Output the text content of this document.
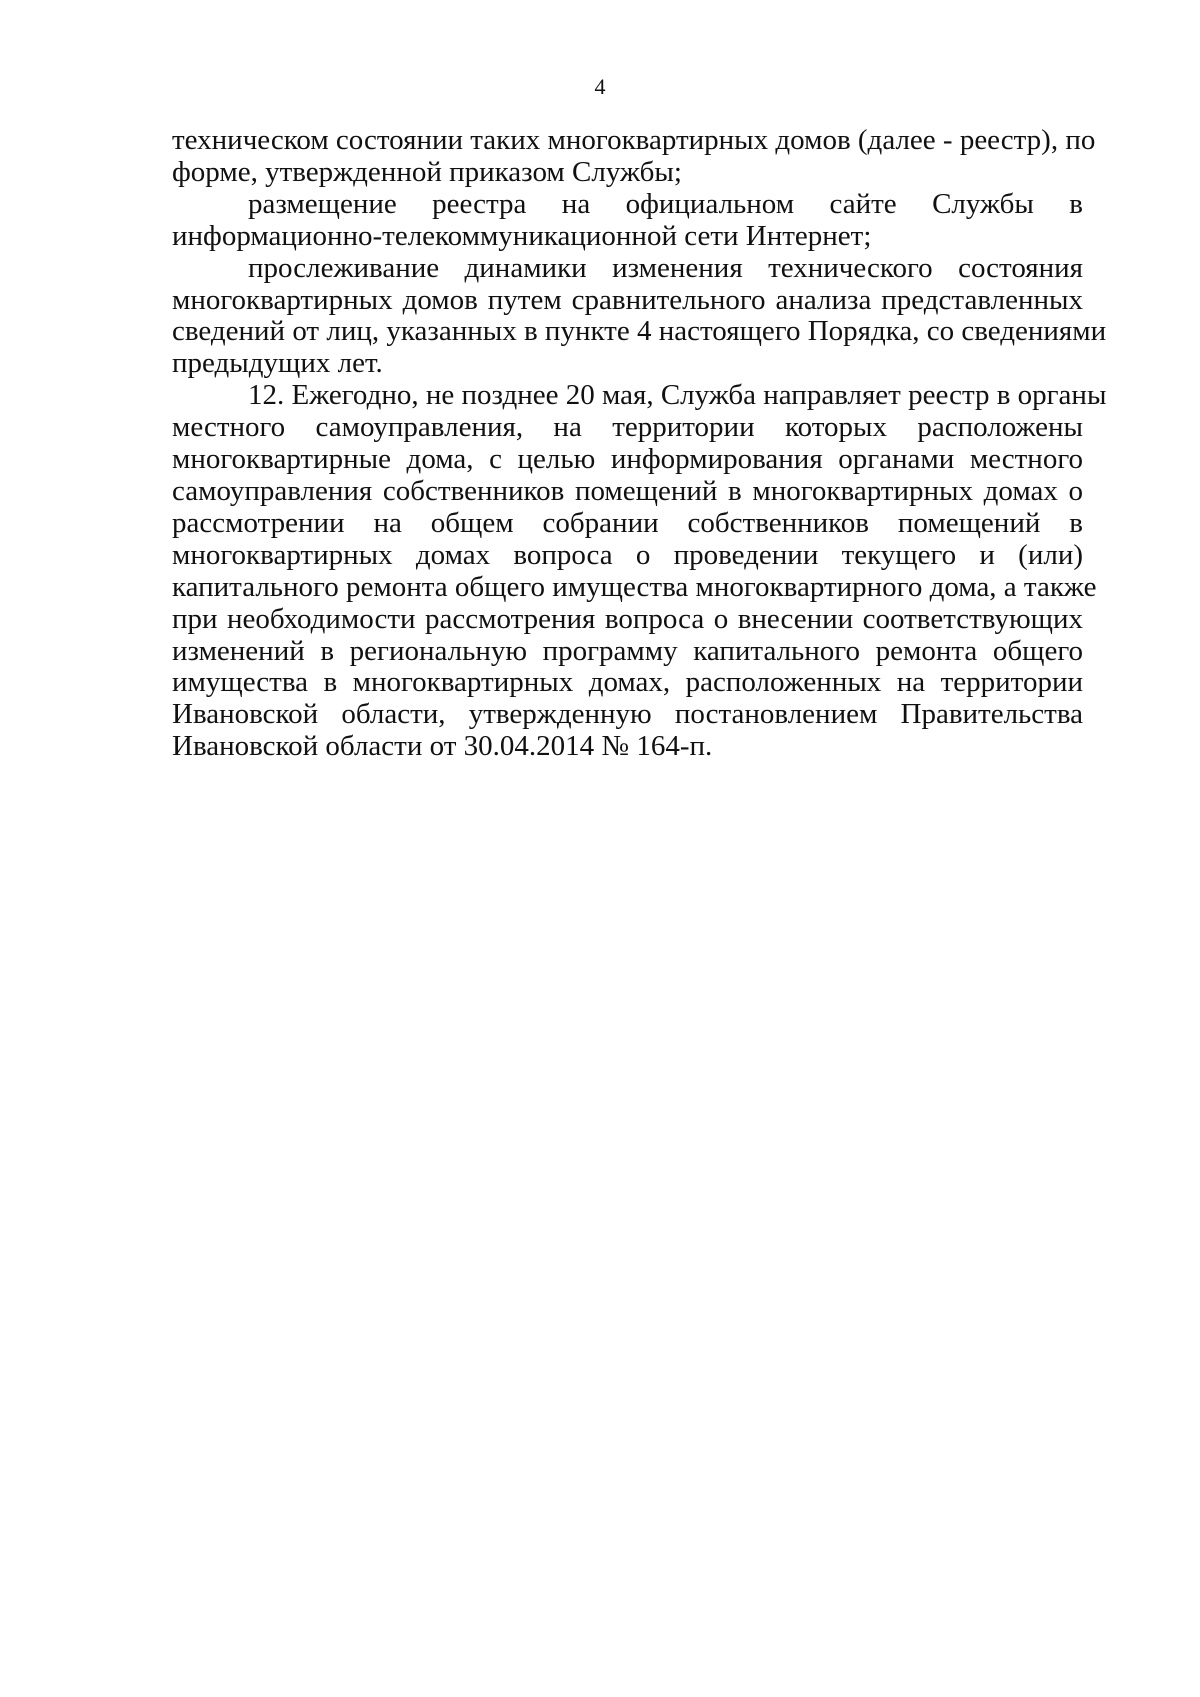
4

техническом состоянии таких многоквартирных домов (далее - реестр), по
форме, утвержденной приказом Службы;

размещение реестра на официальном сайте Службы в
информационно-телекоммуникационной сети Интернет;

прослеживание динамики изменения технического состояния
многоквартирных домов путем сравнительного анализа представленных
сведений от лиц, указанных в пункте 4 настоящего Порядка, со сведениями
предыдущих лет.

12. Ежегодно, не позднее 20 мая, Служба направляет реестр в органы
местного самоуправления, на территории которых расположены
многоквартирные дома, с целью информирования органами местного
самоуправления собственников помещений в многоквартирных домах о
рассмотрении на общем собрании собственников помещений в
многоквартирных домах вопроса о проведении текущего и (или)
капитального ремонта общего имущества многоквартирного дома, а также
при необходимости рассмотрения вопроса о внесении соответствующих
изменений в региональную программу капитального ремонта общего
имущества в многоквартирных домах, расположенных на территории
Ивановской области, утвержденную постановлением Правительства
Ивановской области от 30.04.2014 № 164-п.
